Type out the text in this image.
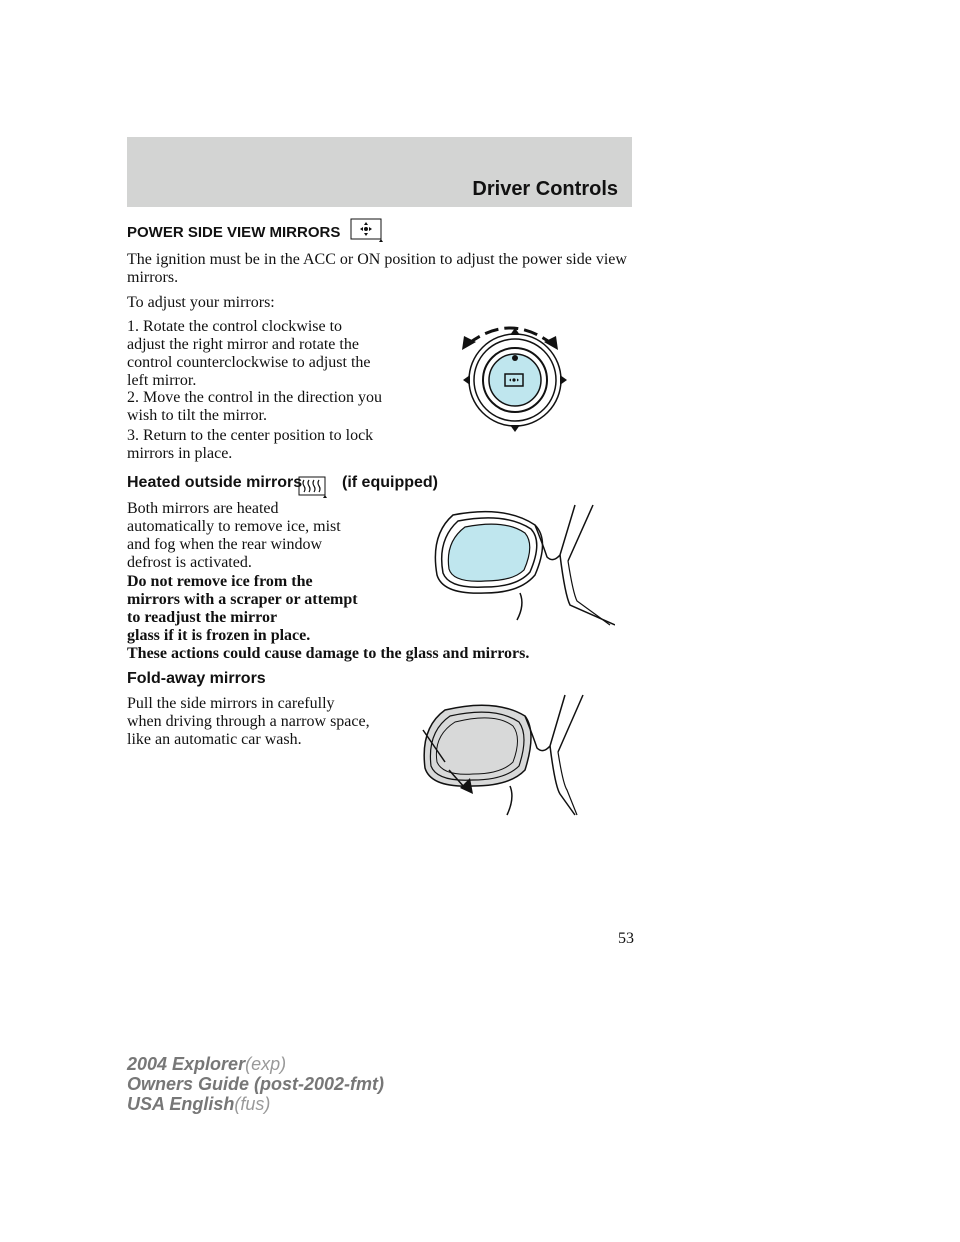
Driver Controls
POWER SIDE VIEW MIRRORS

The ignition must be in the ACC or ON position to adjust the power side view mirrors.

To adjust your mirrors:

1. Rotate the control clockwise to adjust the right mirror and rotate the control counterclockwise to adjust the left mirror.

2. Move the control in the direction you wish to tilt the mirror.

3. Return to the center position to lock mirrors in place.

Heated outside mirrors (if equipped)

Both mirrors are heated automatically to remove ice, mist and fog when the rear window defrost is activated.

Do not remove ice from the mirrors with a scraper or attempt to readjust the mirror

glass if it is frozen in place.
These actions could cause damage to the glass and mirrors.

Fold-away mirrors

Pull the side mirrors in carefully when driving through a narrow space, like an automatic car wash.

53
2004 Explorer(exp)
Owners Guide (post-2002-fmt)
USA English(fus)
